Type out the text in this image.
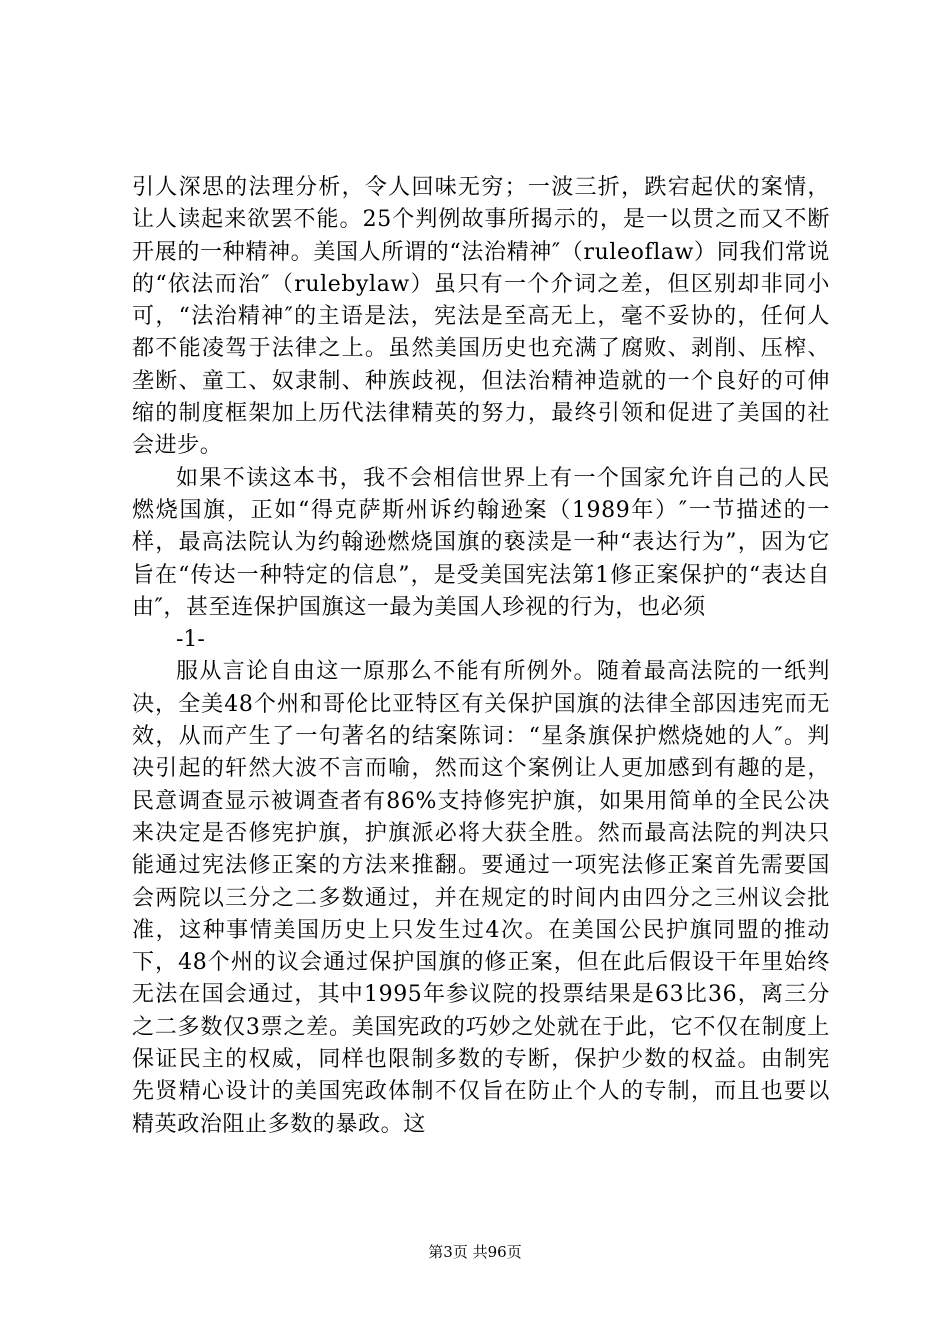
引人深思的法理分析，令人回味无穷；一波三折，跌宕起伏的案情，让人读起来欲罢不能。25个判例故事所揭示的，是一以贯之而又不断开展的一种精神。美国人所谓的“法治精神″（ruleoflaw）同我们常说的“依法而治″（rulebylaw）虽只有一个介词之差，但区别却非同小可，“法治精神″的主语是法，宪法是至高无上，毫不妥协的，任何人都不能凌驾于法律之上。虽然美国历史也充满了腐败、剥削、压榨、垄断、童工、奴隶制、种族歧视，但法治精神造就的一个良好的可伸缩的制度框架加上历代法律精英的努力，最终引领和促进了美国的社会进步。

如果不读这本书，我不会相信世界上有一个国家允许自己的人民燃烧国旗，正如“得克萨斯州诉约翰逊案（1989年）″一节描述的一样，最高法院认为约翰逊燃烧国旗的亵渎是一种“表达行为”，因为它旨在“传达一种特定的信息”，是受美国宪法第1修正案保护的“表达自由″，甚至连保护国旗这一最为美国人珍视的行为，也必须

-1-

服从言论自由这一原那么不能有所例外。随着最高法院的一纸判决，全美48个州和哥伦比亚特区有关保护国旗的法律全部因违宪而无效，从而产生了一句著名的结案陈词：“星条旗保护燃烧她的人″。判决引起的轩然大波不言而喻，然而这个案例让人更加感到有趣的是，民意调查显示被调查者有86%支持修宪护旗，如果用简单的全民公决来决定是否修宪护旗，护旗派必将大获全胜。然而最高法院的判决只能通过宪法修正案的方法来推翻。要通过一项宪法修正案首先需要国会两院以三分之二多数通过，并在规定的时间内由四分之三州议会批准，这种事情美国历史上只发生过4次。在美国公民护旗同盟的推动下，48个州的议会通过保护国旗的修正案，但在此后假设干年里始终无法在国会通过，其中1995年参议院的投票结果是63比36，离三分之二多数仅3票之差。美国宪政的巧妙之处就在于此，它不仅在制度上保证民主的权威，同样也限制多数的专断，保护少数的权益。由制宪先贤精心设计的美国宪政体制不仅旨在防止个人的专制，而且也要以精英政治阻止多数的暴政。这

第3页 共96页
